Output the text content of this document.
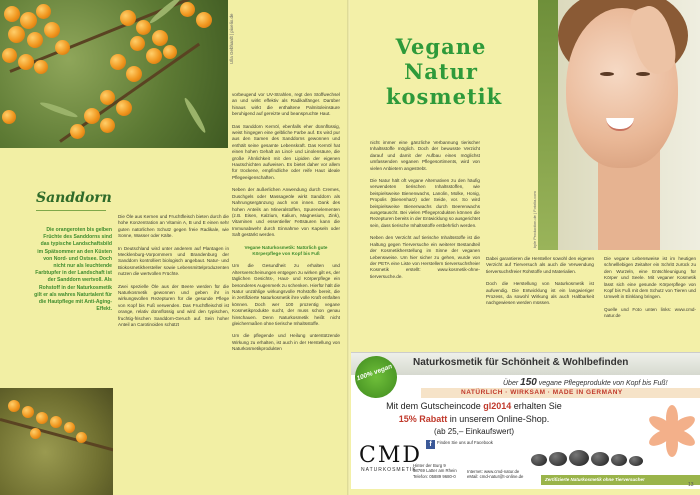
Ulla Gebhardt | pixelio.de
Sanddorn

Die orangeroten bis gelben Früchte des Sanddorns sind das typische Landschaftsbild im Spätsommer an den Küsten von Nord- und Ostsee. Doch nicht nur als leuchtende Farbtupfer in der Landschaft ist der Sanddorn wertvoll. Als Rohstoff in der Naturkosmetik gilt er als wahres Naturtalent für die Hautpflege mit Anti-Aging-Effekt.

Die Öle aus Kernen und Fruchtfleisch bieten durch die hohe Konzentration an Vitamin A, B und E einen sehr guten natürlichen Schutz gegen freie Radikale, wie Sonne, Wasser oder Kälte.

In Deutschland wird unter anderem auf Plantagen in Mecklenburg-Vorpommern und Brandenburg der Sanddorn kontrolliert biologisch angebaut. Natur- und Biokosmetikhersteller sowie Lebensmittelproduzenten nutzen die wertvollen Früchte.

Zwei spezielle Öle aus der Beere werden für die Naturkosmetik gewonnen und geben ihr in wirkungsvollen Rezepturen für die gesunde Pflege von Kopf bis Fuß verwenden. Das Fruchtfleischöl ist orange, relativ dünnflüssig und wird den typischen, fruchtig-frischen Sanddorn-Geruch auf. Sein hoher Anteil an Carotinoiden schützt

vorbeugend vor UV-Strahlen, regt den Stoffwechsel an und wirkt effektiv als Radikalfänger. Darüber hinaus wirkt die enthaltene Palmitoleinsäure beruhigend auf gereizte und beanspruchte Haut.

Das Sanddorn Kernöl, ebenfalls eher dünnflüssig, weist hingegen eine gelbliche Farbe auf. Es wird pur aus den Samen des Sanddorns gewonnen und enthält seine gesamte Lebenskraft. Das Kernöl hat einen hohen Gehalt an Linol- und Linolensäure, die große Ähnlichkeit mit den Lipiden der eigenen Hautschichten aufweisen. Es bietet daher vor allem für trockene, empfindliche oder reife Haut ideale Pflegeeigenschaften.

Neben der äußerlichen Anwendung durch Cremes, Duschgels oder Massageöle wirkt Sanddorn als Nahrungsergänzung auch von innen. Dank des hohen Anteils an Mineralstoffen, Spurenelementen (z.B. Eisen, Kalzium, Kalium, Magnesium, Zink), Vitaminen und essentieller Fettsäuren kann die Immunabwehr durch Einnahme von Kapseln oder Saft gestärkt werden.

Vegane Naturkosmetik: Natürlich gute Körperpflege von Kopf bis Fuß

Um die Gesundheit zu erhalten und Altersverscheinungen entgegen zu wirken gilt es, der täglichen Gesichts-, Haut- und Körperpflege ein besonderes Augenmerk zu schenken. Hierfür hält die Natur unzählige wirkungsvolle Rohstoffe bereit, die in zertifizierte Naturkosmetik ihre volle Kraft entfalten können. Doch wer 100 prozentig vegane Kosmetikprodukte sucht, der muss schon genau hinschauen. Denn Naturkosmetik heißt nicht gleichermaßen ohne tierische Inhaltsstoffe.

Um die pflegende und Heilung unterstützende Wirkung zu erhalten, ist auch in der Herstellung von Naturkosmetikprodukten

Vegane
Natur
kosmetik
kyle Production.de | Fotolia.com

nicht immer eine gänzliche Verbannung tierischer Inhaltsstoffe möglich. Doch der bewusste Verzicht darauf und damit der Aufbau eines möglichst umfassenden veganen Pflegesortiments, wird von vielen Anbietern angestrebt.

Die Natur hält oft vegane Alternativen zu den häufig verwendeten tierischen Inhaltsstoffen, wie beispielsweise Bienenwachs, Lanolin, Molke, Honig, Propolis (Bienenharz) oder Seide, vor. So wird beispielsweise Bienenwachs durch Beerenwachs ausgetauscht. Bei vielen Pflegeprodukten können die Rezepturen bereits in der Entwicklung so ausgerichtet sein, dass tierische Inhaltsstoffe entbehrlich werden.

Neben den Verzicht auf tierische Inhaltsstoffe ist die Haltung gegen Tierversuche ein weiterer Bestandteil der Kosmetikherstellung im Sinne der veganen Lebensweise. Um hier sicher zu gehen, wurde von der PETA eine Liste von Herstellern tierversuchsfreier Kosmetik erstellt: www.kosmetik-ohne-tierversuche.de.

Dabei garantieren die Hersteller sowohl den eigenen Verzicht auf Tierversuch als auch die Verwendung tierversuchsfreier Rohstoffe und Materialien.

Doch die Herstellung von Naturkosmetik ist aufwendig. Die Entwicklung ist ein langwieriger Prozess, da sowohl Wirkung als auch Haltbarkeit nachgewiesen werden müssen.

Die vegane Lebensweise ist im heutigen schnelllebigen Zeitalter ein Schritt zurück zu den Wurzeln, eine Entschleunigung für Körper und Seele. Mit veganer Kosmetik lässt sich eine gesunde Körperpflege von Kopf bis Fuß mit dem Schutz von Tieren und Umwelt in Einklang bringen.

Quelle und Foto unten links: www.cmd-natur.de

100% vegan
Naturkosmetik für Schönheit & Wohlbefinden
Über 150 vegane Pflegeprodukte von Kopf bis Fuß!
NATÜRLICH · WIRKSAM · MADE IN GERMANY
Mit dem Gutscheincode gl2014 erhalten Sie
15% Rabatt in unserem Online-Shop.
(ab 25,– Einkaufswert)
f	Finden Sie uns auf Facebook
CMD
NATURKOSMETIK
Hinter der Burg 9
58769 Latter am Rhein
Telefon: 05889 9680-0
Internet: www.cmd-natur.de
eMail: cmd-natur@t-online.de
Zertifizierte Naturkosmetik ohne Tierversuche!
13
